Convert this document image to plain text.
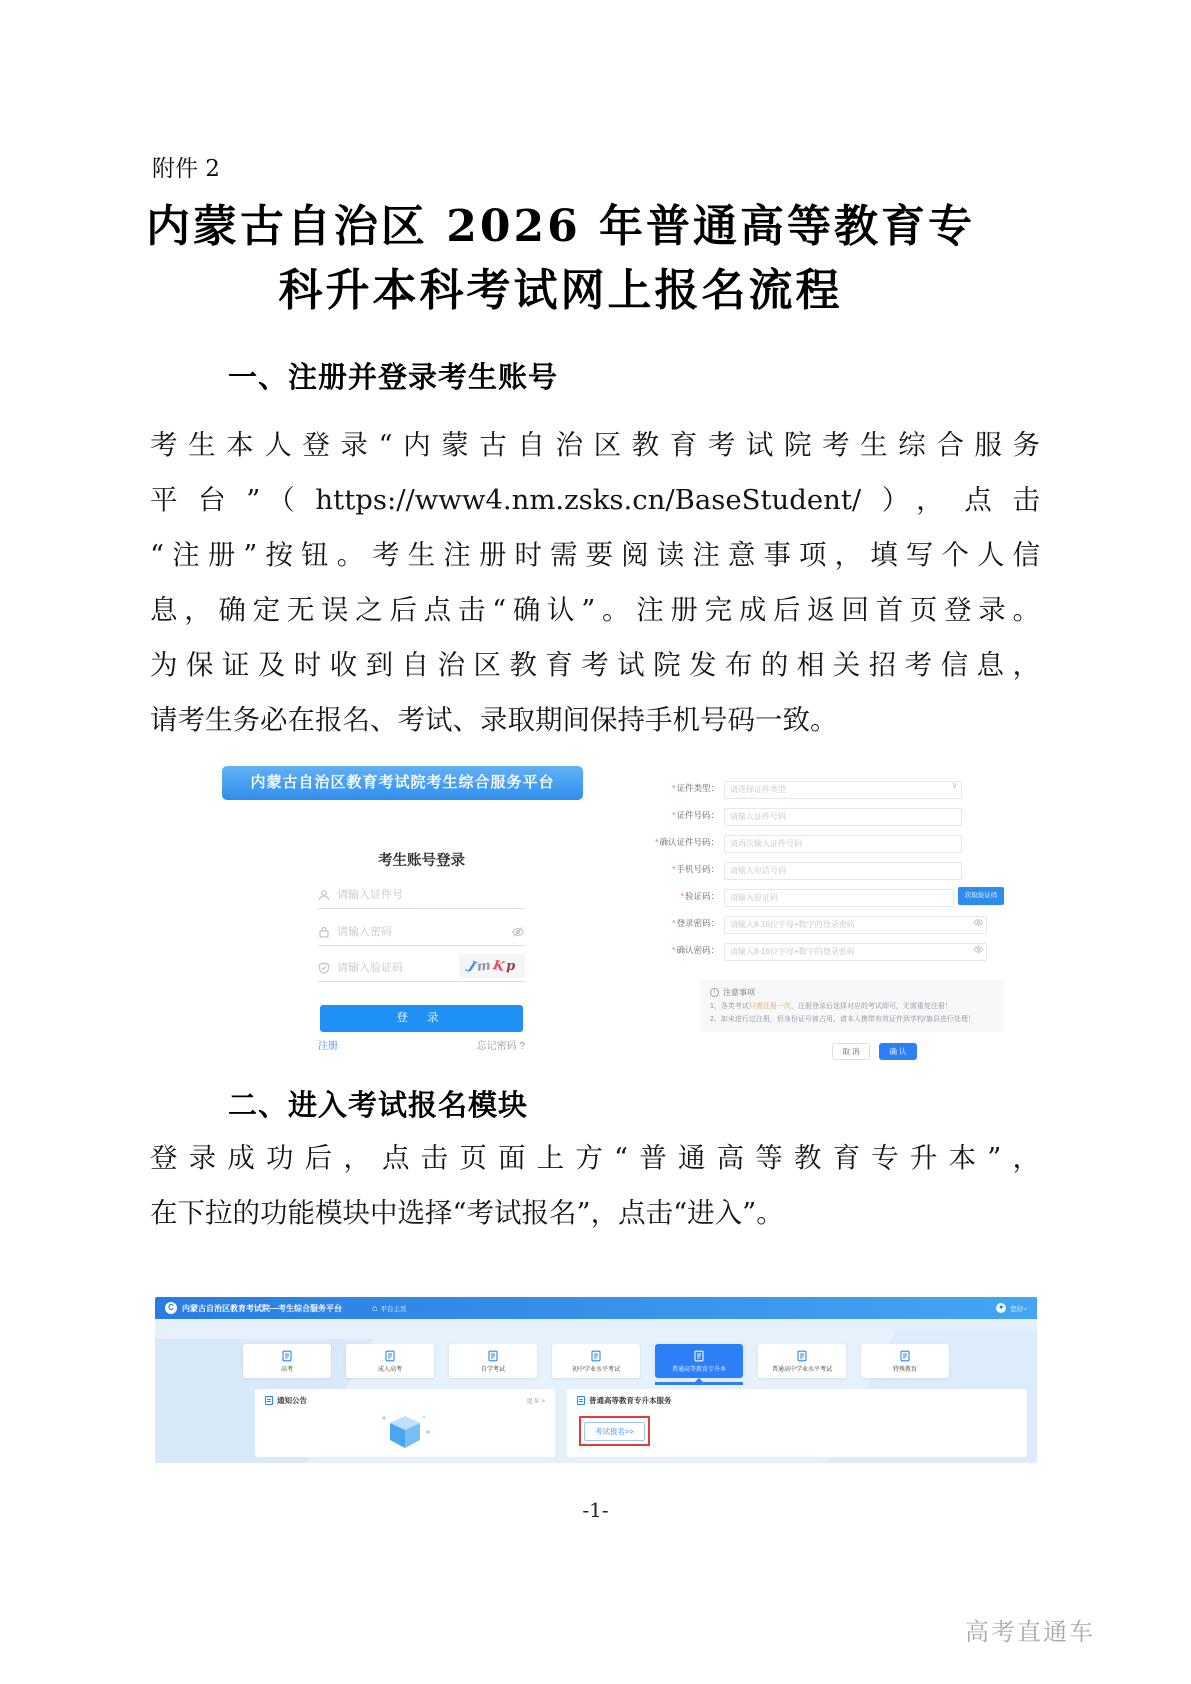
附件 2
内蒙古自治区 2026 年普通高等教育专
科升本科考试网上报名流程
一、注册并登录考生账号
考生本人登录“内蒙古自治区教育考试院考生综合服务
平台”（https://www4.nm.zsks.cn/BaseStudent/），点击
“注册”按钮。考生注册时需要阅读注意事项，填写个人信
息，确定无误之后点击“确认”。注册完成后返回首页登录。
为保证及时收到自治区教育考试院发布的相关招考信息，
请考生务必在报名、考试、录取期间保持手机号码一致。
内蒙古自治区教育考试院考生综合服务平台
考生账号登录
请输入证件号
请输入密码
请输入验证码
J
m K p
登 录
注册	忘记密码 ?
*证件类型：
请选择证件类型	∨
*证件号码：
请输入证件号码
*确认证件号码：
请再次输入证件号码
*手机号码：
请输入电话号码
*验证码：
请输入验证码	获取验证码
*登录密码：
请输入8-16位字母+数字的登录密码
*确认密码：
请输入8-16位字母+数字的登录密码
! 注意事项
1、各类考试只需注册一次，注册登录后选择对应的考试即可，无需重复注册！
2、如未进行过注册，但身份证号被占用，请本人携带有效证件到学校/旗县进行处理！
取 消	确 认
二、进入考试报名模块
登录成功后，点击页面上方“普通高等教育专升本”，
在下拉的功能模块中选择“考试报名”，点击“进入”。
C	内蒙古自治区教育考试院—考生综合服务平台	⌂ 平台主页	●	您好~
高考	成人高考	自学考试	初中学业水平考试	普通高等教育专升本	普通高中学业水平考试	特殊教育
通知公告	更多 >	普通高等教育专升本服务
考试报名>>
-1-
高考直通车
